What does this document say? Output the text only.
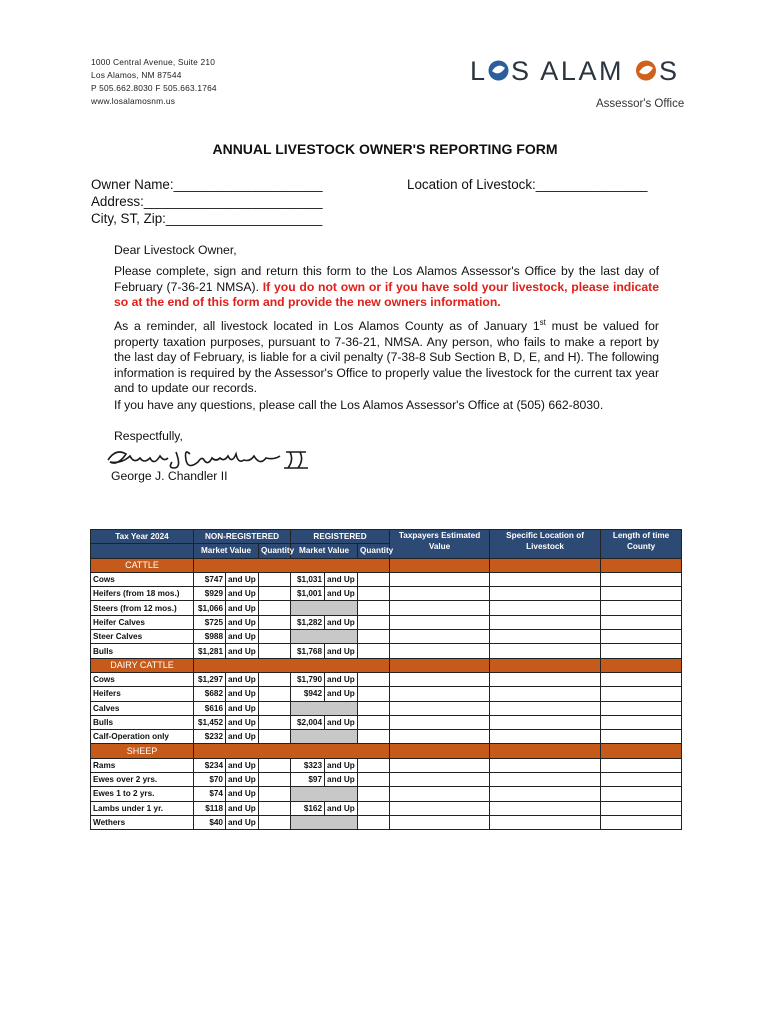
1000 Central Avenue, Suite 210
Los Alamos, NM 87544
P 505.662.8030 F 505.663.1764
www.losalamosnm.us
L S ALAM S
Assessor's Office
ANNUAL LIVESTOCK OWNER'S REPORTING FORM
Owner Name:____________________	Location of Livestock:_______________
Address:________________________
City, ST, Zip:_____________________
Dear Livestock Owner,
Please complete, sign and return this form to the Los Alamos Assessor's Office by the last day of February (7-36-21 NMSA). If you do not own or if you have sold your livestock, please indicate so at the end of this form and provide the new owners information.
As a reminder, all livestock located in Los Alamos County as of January 1st must be valued for property taxation purposes, pursuant to 7-36-21, NMSA. Any person, who fails to make a report by the last day of February, is liable for a civil penalty (7-38-8 Sub Section B, D, E, and H). The following information is required by the Assessor's Office to properly value the livestock for the current tax year and to update our records.
If you have any questions, please call the Los Alamos Assessor's Office at (505) 662-8030.
Respectfully,
George J. Chandler II
Tax Year 2024	NON-REGISTERED			REGISTERED			Taxpayers Estimated Value	Specific Location of Livestock	Length of time County
	Market Value		Quantity	Market Value		Quantity			
CATTLE									
Cows	$747	and Up		$1,031	and Up				
Heifers (from 18 mos.)	$929	and Up		$1,001	and Up				
Steers (from 12 mos.)	$1,066	and Up							
Heifer Calves	$725	and Up		$1,282	and Up				
Steer Calves	$988	and Up							
Bulls	$1,281	and Up		$1,768	and Up				
DAIRY CATTLE									
Cows	$1,297	and Up		$1,790	and Up				
Heifers	$682	and Up		$942	and Up				
Calves	$616	and Up							
Bulls	$1,452	and Up		$2,004	and Up				
Calf-Operation only	$232	and Up							
SHEEP									
Rams	$234	and Up		$323	and Up				
Ewes over 2 yrs.	$70	and Up		$97	and Up				
Ewes 1 to 2 yrs.	$74	and Up							
Lambs under 1 yr.	$118	and Up		$162	and Up				
Wethers	$40	and Up							
